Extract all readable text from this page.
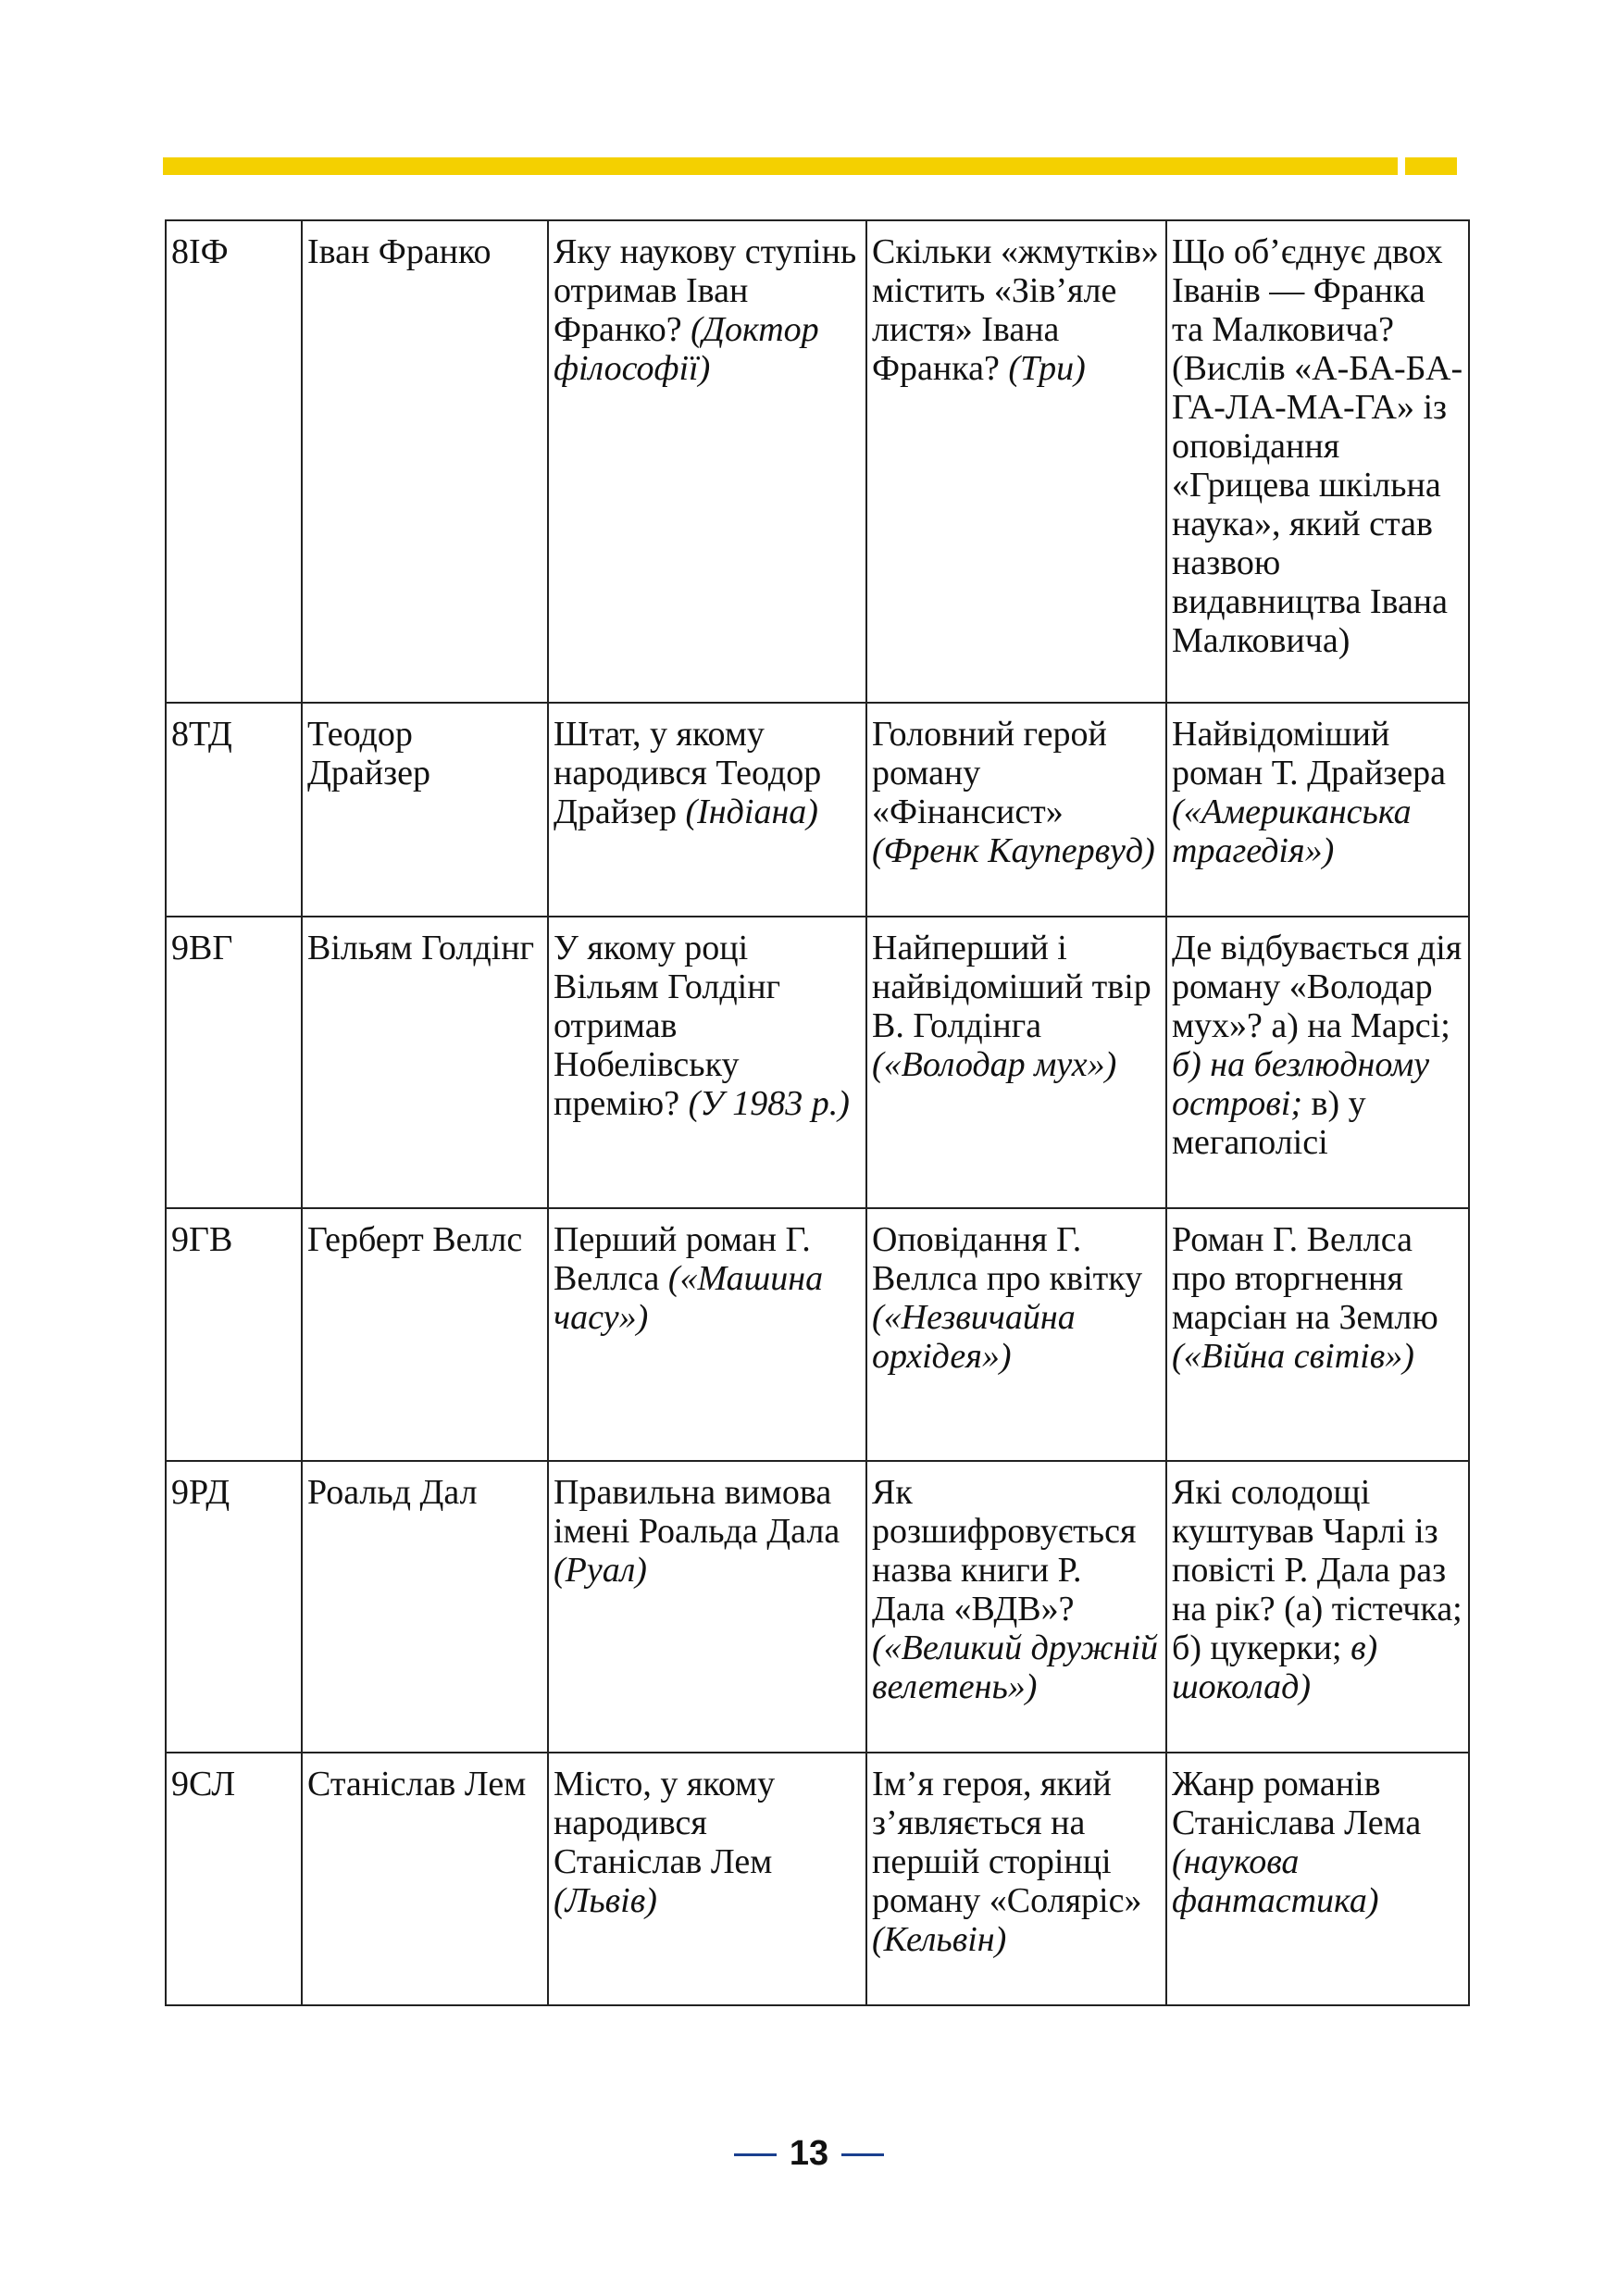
8ІФ	Іван Франко	Яку наукову ступінь отримав Іван Франко? (Доктор філософії)	Скільки «жмутків» містить «Зів’яле листя» Івана Франка? (Три)	Що об’єднує двох Іванів — Франка та Малковича? (Вислів «А-БА-БА-ГА-ЛА-МА-ГА» із оповідання «Грицева шкільна наука», який став назвою видавництва Івана Малковича)
8ТД	Теодор Драйзер	Штат, у якому народився Теодор Драйзер (Індіана)	Головний герой роману «Фінансист» (Френк Каупервуд)	Найвідоміший роман Т. Драйзера («Американська трагедія»)
9ВГ	Вільям Голдінг	У якому році Вільям Голдінг отримав Нобелівську премію? (У 1983 р.)	Найперший і найвідоміший твір В. Голдінга («Володар мух»)	Де відбувається дія роману «Володар мух»? а) на Марсі; б) на безлюдному острові; в) у мегаполісі
9ГВ	Герберт Веллс	Перший роман Г. Веллса («Машина часу»)	Оповідання Г. Веллса про квітку («Незвичайна орхідея»)	Роман Г. Веллса про вторгнення марсіан на Землю («Війна світів»)
9РД	Роальд Дал	Правильна вимова імені Роальда Дала (Руал)	Як розшифровується назва книги Р. Дала «ВДВ»? («Великий дружній велетень»)	Які солодощі куштував Чарлі із повісті Р. Дала раз на рік? (а) тістечка; б) цукерки; в) шоколад)
9СЛ	Станіслав Лем	Місто, у якому народився Станіслав Лем (Львів)	Ім’я героя, який з’являється на першій сторінці роману «Соляріс» (Кельвін)	Жанр романів Станіслава Лема (наукова фантастика)
13
